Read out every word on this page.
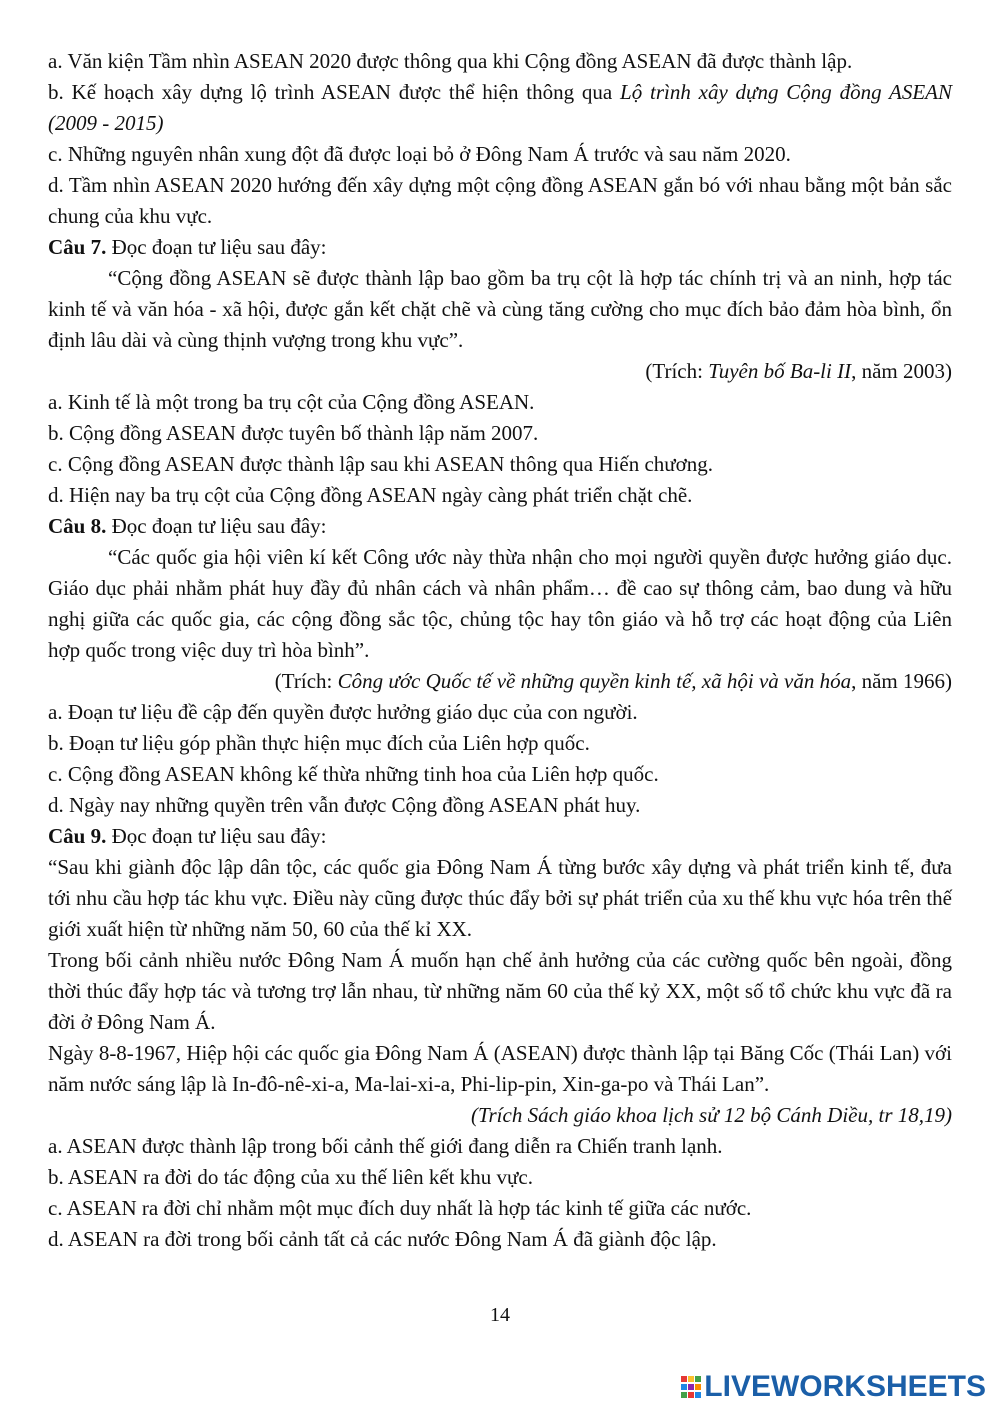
a. Văn kiện Tầm nhìn ASEAN 2020 được thông qua khi Cộng đồng ASEAN đã được thành lập.

b. Kế hoạch xây dựng lộ trình ASEAN được thể hiện thông qua Lộ trình xây dựng Cộng đồng ASEAN (2009 - 2015)

c. Những nguyên nhân xung đột đã được loại bỏ ở Đông Nam Á trước và sau năm 2020.

d. Tầm nhìn ASEAN 2020 hướng đến xây dựng một cộng đồng ASEAN gắn bó với nhau bằng một bản sắc chung của khu vực.

Câu 7. Đọc đoạn tư liệu sau đây:

“Cộng đồng ASEAN sẽ được thành lập bao gồm ba trụ cột là hợp tác chính trị và an ninh, hợp tác kinh tế và văn hóa - xã hội, được gắn kết chặt chẽ và cùng tăng cường cho mục đích bảo đảm hòa bình, ổn định lâu dài và cùng thịnh vượng trong khu vực”.

(Trích: Tuyên bố Ba-li II, năm 2003)

a. Kinh tế là một trong ba trụ cột của Cộng đồng ASEAN.

b. Cộng đồng ASEAN được tuyên bố thành lập năm 2007.

c. Cộng đồng ASEAN được thành lập sau khi ASEAN thông qua Hiến chương.

d. Hiện nay ba trụ cột của Cộng đồng ASEAN ngày càng phát triển chặt chẽ.

Câu 8. Đọc đoạn tư liệu sau đây:

“Các quốc gia hội viên kí kết Công ước này thừa nhận cho mọi người quyền được hưởng giáo dục. Giáo dục phải nhằm phát huy đầy đủ nhân cách và nhân phẩm… đề cao sự thông cảm, bao dung và hữu nghị giữa các quốc gia, các cộng đồng sắc tộc, chủng tộc hay tôn giáo và hỗ trợ các hoạt động của Liên hợp quốc trong việc duy trì hòa bình”.

(Trích: Công ước Quốc tế về những quyền kinh tế, xã hội và văn hóa, năm 1966)

a. Đoạn tư liệu đề cập đến quyền được hưởng giáo dục của con người.

b. Đoạn tư liệu góp phần thực hiện mục đích của Liên hợp quốc.

c. Cộng đồng ASEAN không kế thừa những tinh hoa của Liên hợp quốc.

d. Ngày nay những quyền trên vẫn được Cộng đồng ASEAN phát huy.

Câu 9. Đọc đoạn tư liệu sau đây:

“Sau khi giành độc lập dân tộc, các quốc gia Đông Nam Á từng bước xây dựng và phát triển kinh tế, đưa tới nhu cầu hợp tác khu vực. Điều này cũng được thúc đẩy bởi sự phát triển của xu thế khu vực hóa trên thế giới xuất hiện từ những năm 50, 60 của thế kỉ XX.

Trong bối cảnh nhiều nước Đông Nam Á muốn hạn chế ảnh hưởng của các cường quốc bên ngoài, đồng thời thúc đẩy hợp tác và tương trợ lẫn nhau, từ những năm 60 của thế kỷ XX, một số tổ chức khu vực đã ra đời ở Đông Nam Á.

Ngày 8-8-1967, Hiệp hội các quốc gia Đông Nam Á (ASEAN) được thành lập tại Băng Cốc (Thái Lan) với năm nước sáng lập là In-đô-nê-xi-a, Ma-lai-xi-a, Phi-lip-pin, Xin-ga-po và Thái Lan”.

(Trích Sách giáo khoa lịch sử 12 bộ Cánh Diều, tr 18,19)

a. ASEAN được thành lập trong bối cảnh thế giới đang diễn ra Chiến tranh lạnh.

b. ASEAN ra đời do tác động của xu thế liên kết khu vực.

c. ASEAN ra đời chỉ nhằm một mục đích duy nhất là hợp tác kinh tế giữa các nước.

d. ASEAN ra đời trong bối cảnh tất cả các nước Đông Nam Á đã giành độc lập.

14
LIVEWORKSHEETS
